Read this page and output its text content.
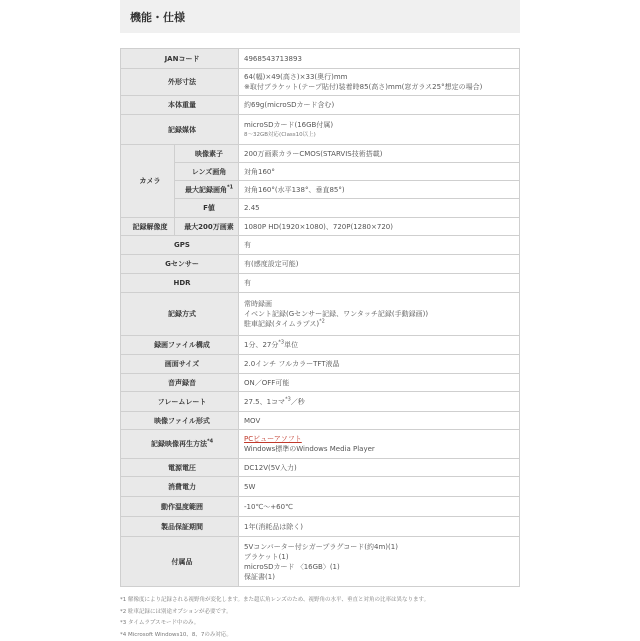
機能・仕様
JANコード		4968543713893
外形寸法		64(幅)×49(高さ)×33(奥行)mm
※取付ブラケット(テープ貼付)装着時85(高さ)mm(窓ガラス25°想定の場合)

本体重量		約69g(microSDカード含む)
記録媒体		microSDカード(16GB付属)
8～32GB対応(Class10以上)

カメラ	映像素子	200万画素カラーCMOS(STARVIS技術搭載)
	レンズ画角	対角160°
	最大記録画角$^{*1}$	対角160°(水平138°、垂直85°)
	F値	2.45
記録解像度	最大200万画素	1080P HD(1920×1080)、720P(1280×720)
GPS		有
Gセンサー		有(感度設定可能)
HDR		有
記録方式		常時録画
イベント記録(Gセンサー記録、ワンタッチ記録(手動録画))
駐車記録(タイムラプス)$^{*2}$

録画ファイル構成		1分、27分$^{*3}$単位
画面サイズ		2.0インチ フルカラーTFT液晶
音声録音		ON／OFF可能
フレームレート		27.5、1コマ$^{*3}$／秒
映像ファイル形式		MOV
記録映像再生方法$^{*4}$		PCビューアソフト
Windows標準のWindows Media Player

電源電圧		DC12V(5V入力)
消費電力		5W
動作温度範囲		-10℃～+60℃
製品保証期間		1年(消耗品は除く)
付属品		5Vコンバーター付シガープラグコード(約4m)(1)
ブラケット(1)
microSDカード 〈16GB〉(1)
保証書(1)
*1 解像度により記録される視野角が変化します。また超広角レンズのため、視野角の水平、垂直と対角の比率は異なります。
*2 駐車記録には別途オプションが必要です。
*3 タイムラプスモード中のみ。
*4 Microsoft Windows10、8、7のみ対応。
